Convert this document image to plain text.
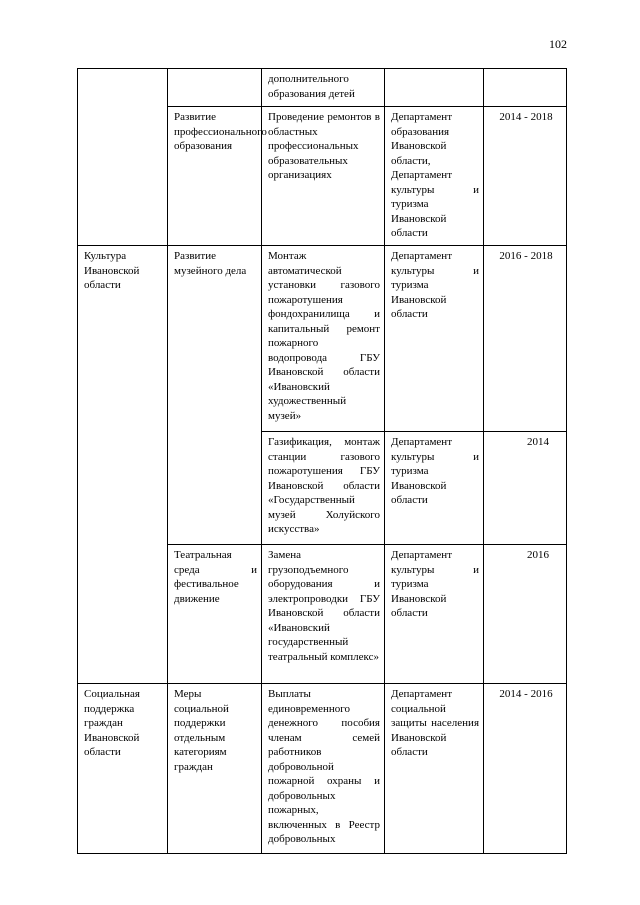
102
		дополнительного образования детей		
	Развитие профессионального образования	Проведение ремонтов в областных профессиональных образовательных организациях	Департамент образования Ивановской области, Департамент культуры и туризма Ивановской области	2014 - 2018
Культура Ивановской области	Развитие музейного дела	Монтаж автоматической установки газового пожаротушения фондохранилища и капитальный ремонт пожарного водопровода ГБУ Ивановской области «Ивановский художественный музей»	Департамент культуры и туризма Ивановской области	2016 - 2018
		Газификация, монтаж станции газового пожаротушения ГБУ Ивановской области «Государственный музей Холуйского искусства»	Департамент культуры и туризма Ивановской области	2014
	Театральная среда и фестивальное движение	Замена грузоподъемного оборудования и электропроводки ГБУ Ивановской области «Ивановский государственный театральный комплекс»	Департамент культуры и туризма Ивановской области	2016
Социальная поддержка граждан Ивановской области	Меры социальной поддержки отдельным категориям граждан	Выплаты единовременного денежного пособия членам семей работников добровольной пожарной охраны и добровольных пожарных, включенных в Реестр добровольных	Департамент социальной защиты населения Ивановской области	2014 - 2016
